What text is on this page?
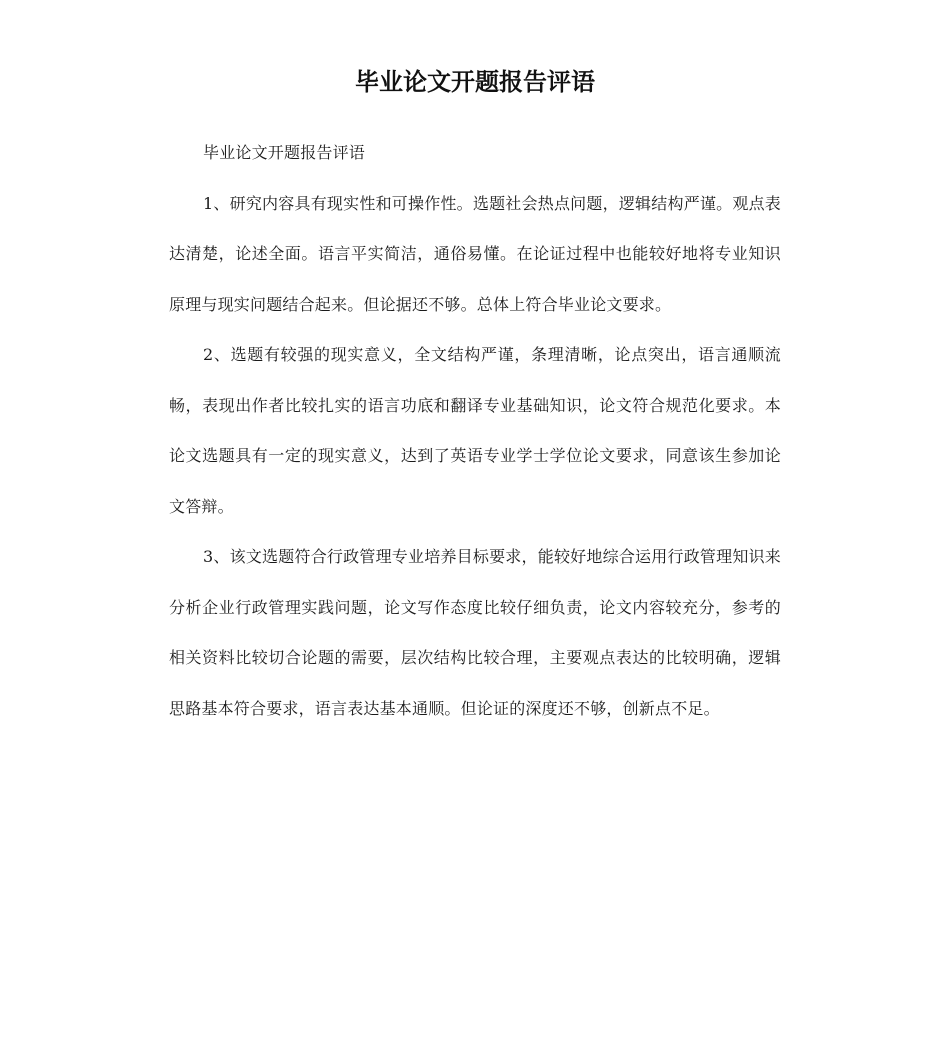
毕业论文开题报告评语

毕业论文开题报告评语

1、研究内容具有现实性和可操作性。选题社会热点问题，逻辑结构严谨。观点表达清楚，论述全面。语言平实简洁，通俗易懂。在论证过程中也能较好地将专业知识原理与现实问题结合起来。但论据还不够。总体上符合毕业论文要求。

2、选题有较强的现实意义，全文结构严谨，条理清晰，论点突出，语言通顺流畅，表现出作者比较扎实的语言功底和翻译专业基础知识，论文符合规范化要求。本论文选题具有一定的现实意义，达到了英语专业学士学位论文要求，同意该生参加论文答辩。

3、该文选题符合行政管理专业培养目标要求，能较好地综合运用行政管理知识来分析企业行政管理实践问题，论文写作态度比较仔细负责，论文内容较充分，参考的相关资料比较切合论题的需要，层次结构比较合理，主要观点表达的比较明确，逻辑思路基本符合要求，语言表达基本通顺。但论证的深度还不够，创新点不足。
